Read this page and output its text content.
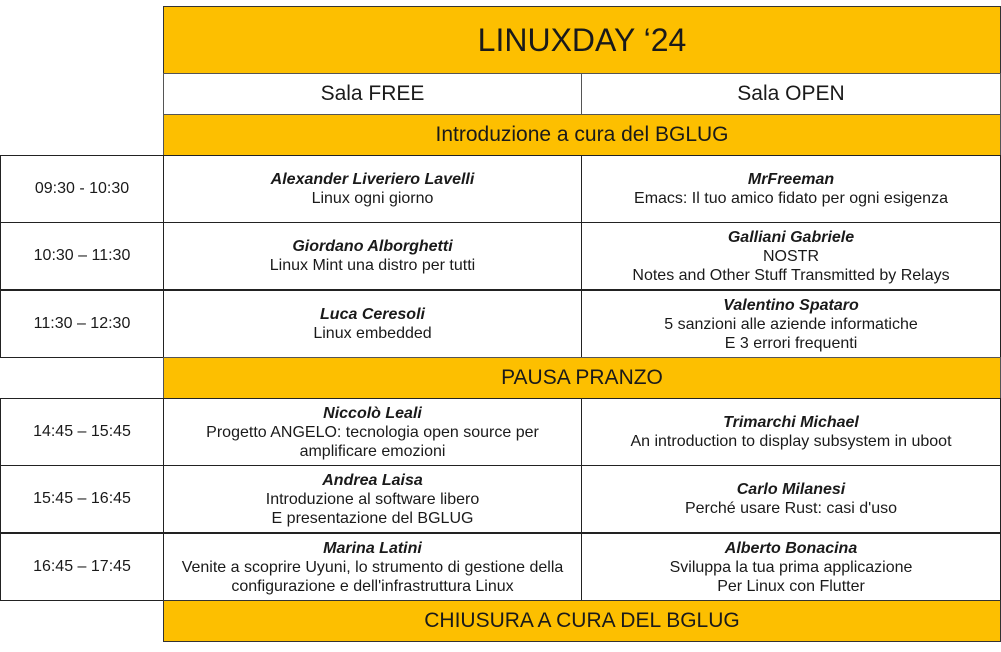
LINUXDAY ‘24
Sala FREE	Sala OPEN
Introduzione a cura del BGLUG
09:30 - 10:30
Alexander Liveriero Lavelli
Linux ogni giorno
MrFreeman
Emacs: Il tuo amico fidato per ogni esigenza
10:30 – 11:30
Giordano Alborghetti
Linux Mint una distro per tutti
Galliani Gabriele
NOSTR
Notes and Other Stuff Transmitted by Relays
11:30 – 12:30
Luca Ceresoli
Linux embedded
Valentino Spataro
5 sanzioni alle aziende informatiche
E 3 errori frequenti
PAUSA PRANZO
14:45 – 15:45
Niccolò Leali
Progetto ANGELO: tecnologia open source per
amplificare emozioni
Trimarchi Michael
An introduction to display subsystem in uboot
15:45 – 16:45
Andrea Laisa
Introduzione al software libero
E presentazione del BGLUG
Carlo Milanesi
Perché usare Rust: casi d'uso
16:45 – 17:45
Marina Latini
Venite a scoprire Uyuni, lo strumento di gestione della
configurazione e dell'infrastruttura Linux
Alberto Bonacina
Sviluppa la tua prima applicazione
Per Linux con Flutter
CHIUSURA A CURA DEL BGLUG
